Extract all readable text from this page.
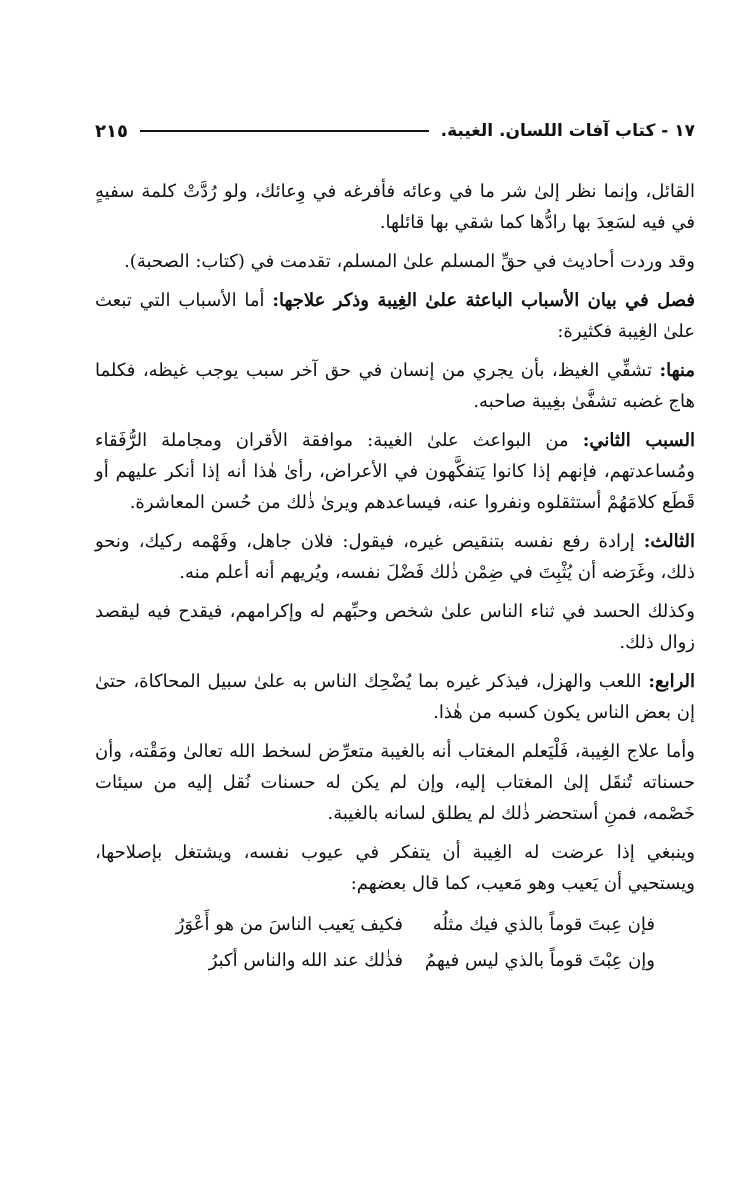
١٧ - كتاب آفات اللسان. الغيبة.
٢١٥

القائل، وإنما نظر إلىٰ شر ما في وعائه فأفرغه في وِعائك، ولو رُدَّتْ كلمة سفيهٍ في فيه لسَعِدَ بها رادُّها كما شقي بها قائلها.

وقد وردت أحاديث في حقِّ المسلم علىٰ المسلم، تقدمت في (كتاب: الصحبة).

فصل في بيان الأسباب الباعثة علىٰ الغِيبة وذكر علاجها: أما الأسباب التي تبعث علىٰ الغِيبة فكثيرة:

منها: تشفِّي الغيظ، بأن يجري من إنسان في حق آخر سبب يوجب غيظه، فكلما هاج غضبه تشفَّىٰ بغِيبة صاحبه.

السبب الثاني: من البواعث علىٰ الغيبة: موافقة الأقران ومجاملة الرُّفَقاء ومُساعدتهم، فإنهم إذا كانوا يَتفكَّهون في الأعراض، رأىٰ هٰذا أنه إذا أنكر عليهم أو قَطَع كلامَهُمْ أستثقلوه ونفروا عنه، فيساعدهم ويرىٰ ذٰلك من حُسن المعاشرة.

الثالث: إرادة رفع نفسه بتنقيص غيره، فيقول: فلان جاهل، وفَهْمه ركيك، ونحو ذلك، وغَرَضه أن يُثْبِتَ في ضِمْن ذٰلك فَضْلَ نفسه، ويُريهم أنه أعلم منه.

وكذلك الحسد في ثناء الناس علىٰ شخص وحبِّهم له وإكرامهم، فيقدح فيه ليقصد زوال ذلك.

الرابع: اللعب والهزل، فيذكر غيره بما يُضْحِك الناس به علىٰ سبيل المحاكاة، حتىٰ إن بعض الناس يكون كسبه من هٰذا.

وأما علاج الغِيبة، فَلْيَعلم المغتاب أنه بالغيبة متعرِّض لسخط الله تعالىٰ ومَقْته، وأن حسناته تُنقَل إلىٰ المغتاب إليه، وإن لم يكن له حسنات نُقل إليه من سيئات خَصْمه، فمنِ أستحضر ذٰلك لم يطلق لسانه بالغيبة.

وينبغي إذا عرضت له الغِيبة أن يتفكر في عيوب نفسه، ويشتغل بإصلاحها، ويستحيي أن يَعيب وهو مَعيب، كما قال بعضهم:

فإن عِبتَ قوماً بالذي فيك مثلُه
فكيف يَعيب الناسَ من هو أَعْوَرُ
وإن عِبْتَ قوماً بالذي ليس فيهمُ
فذٰلك عند الله والناس أكبرُ
